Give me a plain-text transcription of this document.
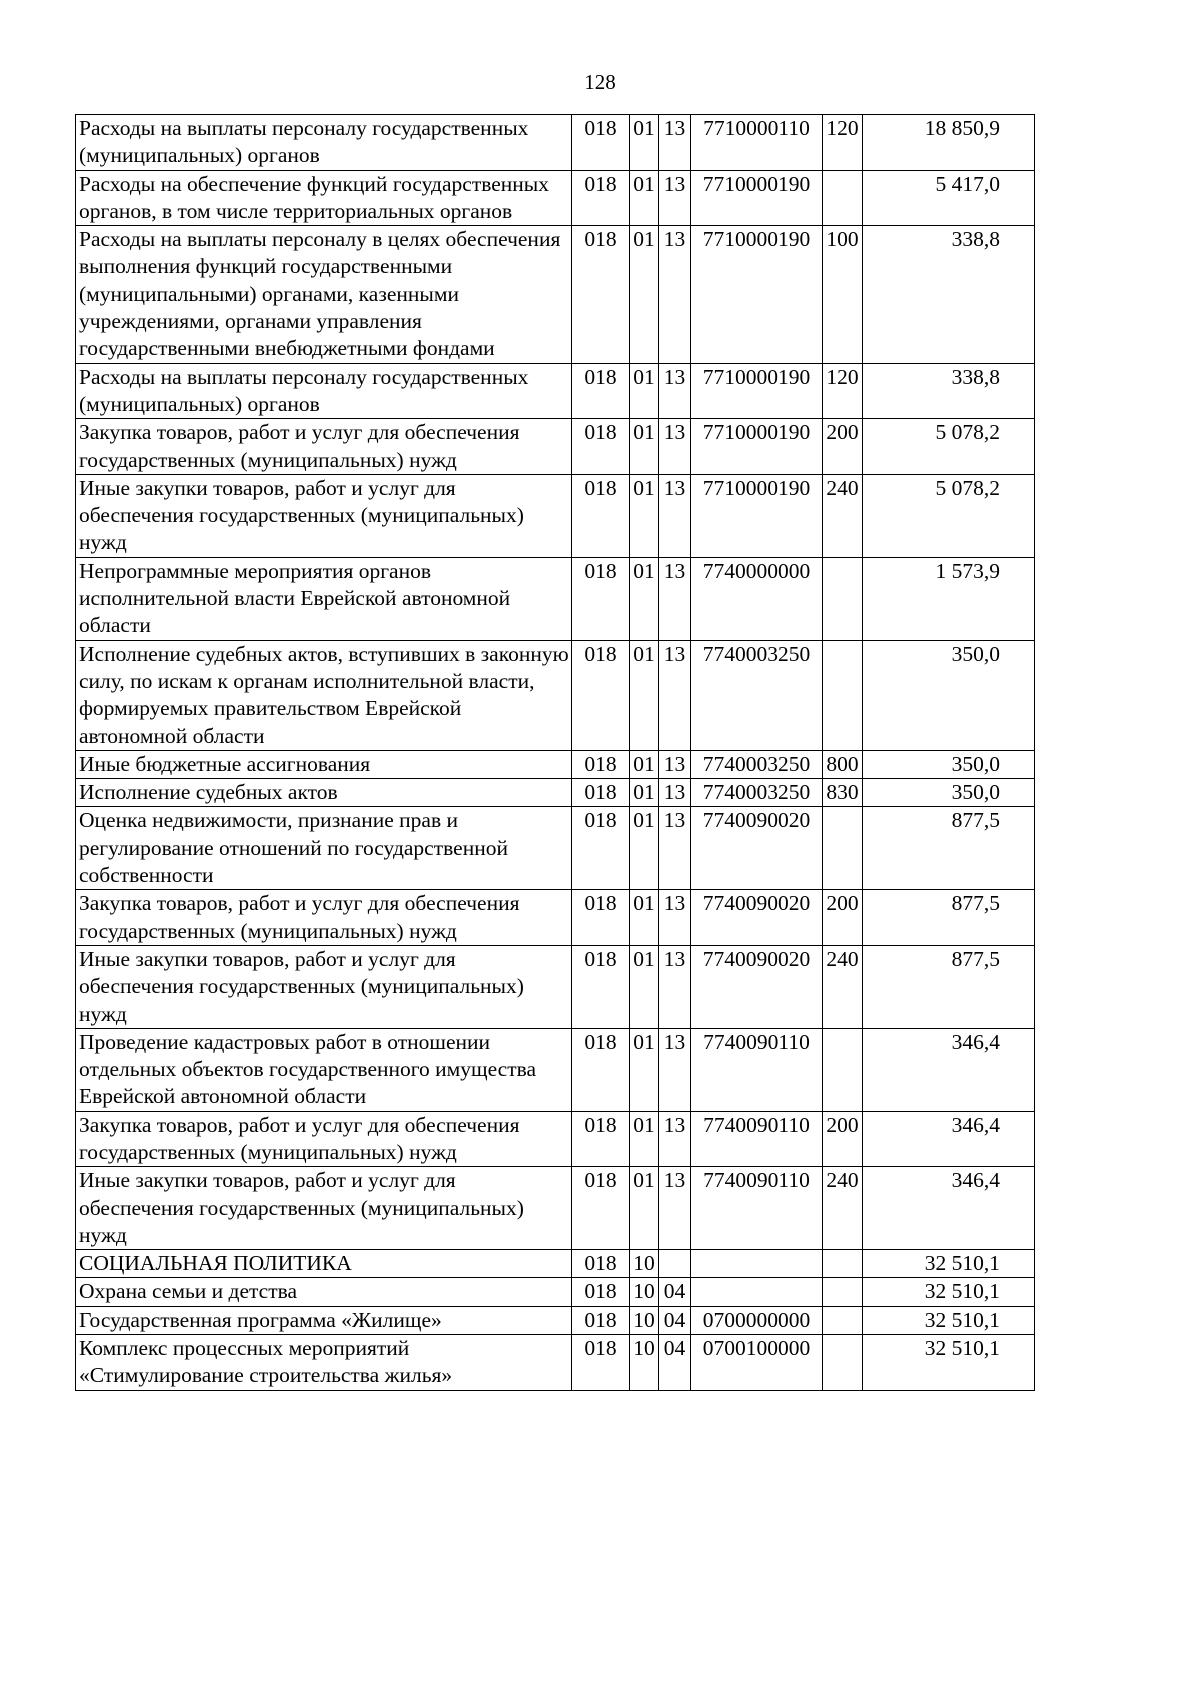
128
Расходы на выплаты персоналу государственных (муниципальных) органов	018	01	13	7710000110	120	18 850,9
Расходы на обеспечение функций государственных органов, в том числе территориальных органов	018	01	13	7710000190		5 417,0
Расходы на выплаты персоналу в целях обеспечения выполнения функций государственными (муниципальными) органами, казенными учреждениями, органами управления государственными внебюджетными фондами	018	01	13	7710000190	100	338,8
Расходы на выплаты персоналу государственных (муниципальных) органов	018	01	13	7710000190	120	338,8
Закупка товаров, работ и услуг для обеспечения государственных (муниципальных) нужд	018	01	13	7710000190	200	5 078,2
Иные закупки товаров, работ и услуг для обеспечения государственных (муниципальных) нужд	018	01	13	7710000190	240	5 078,2
Непрограммные мероприятия органов исполнительной власти Еврейской автономной области	018	01	13	7740000000		1 573,9
Исполнение судебных актов, вступивших в законную силу, по искам к органам исполнительной власти, формируемых правительством Еврейской автономной области	018	01	13	7740003250		350,0
Иные бюджетные ассигнования	018	01	13	7740003250	800	350,0
Исполнение судебных актов	018	01	13	7740003250	830	350,0
Оценка недвижимости, признание прав и регулирование отношений по государственной собственности	018	01	13	7740090020		877,5
Закупка товаров, работ и услуг для обеспечения государственных (муниципальных) нужд	018	01	13	7740090020	200	877,5
Иные закупки товаров, работ и услуг для обеспечения государственных (муниципальных) нужд	018	01	13	7740090020	240	877,5
Проведение кадастровых работ в отношении отдельных объектов государственного имущества Еврейской автономной области	018	01	13	7740090110		346,4
Закупка товаров, работ и услуг для обеспечения государственных (муниципальных) нужд	018	01	13	7740090110	200	346,4
Иные закупки товаров, работ и услуг для обеспечения государственных (муниципальных) нужд	018	01	13	7740090110	240	346,4
СОЦИАЛЬНАЯ ПОЛИТИКА	018	10				32 510,1
Охрана семьи и детства	018	10	04			32 510,1
Государственная программа «Жилище»	018	10	04	0700000000		32 510,1
Комплекс процессных мероприятий «Стимулирование строительства жилья»	018	10	04	0700100000		32 510,1
